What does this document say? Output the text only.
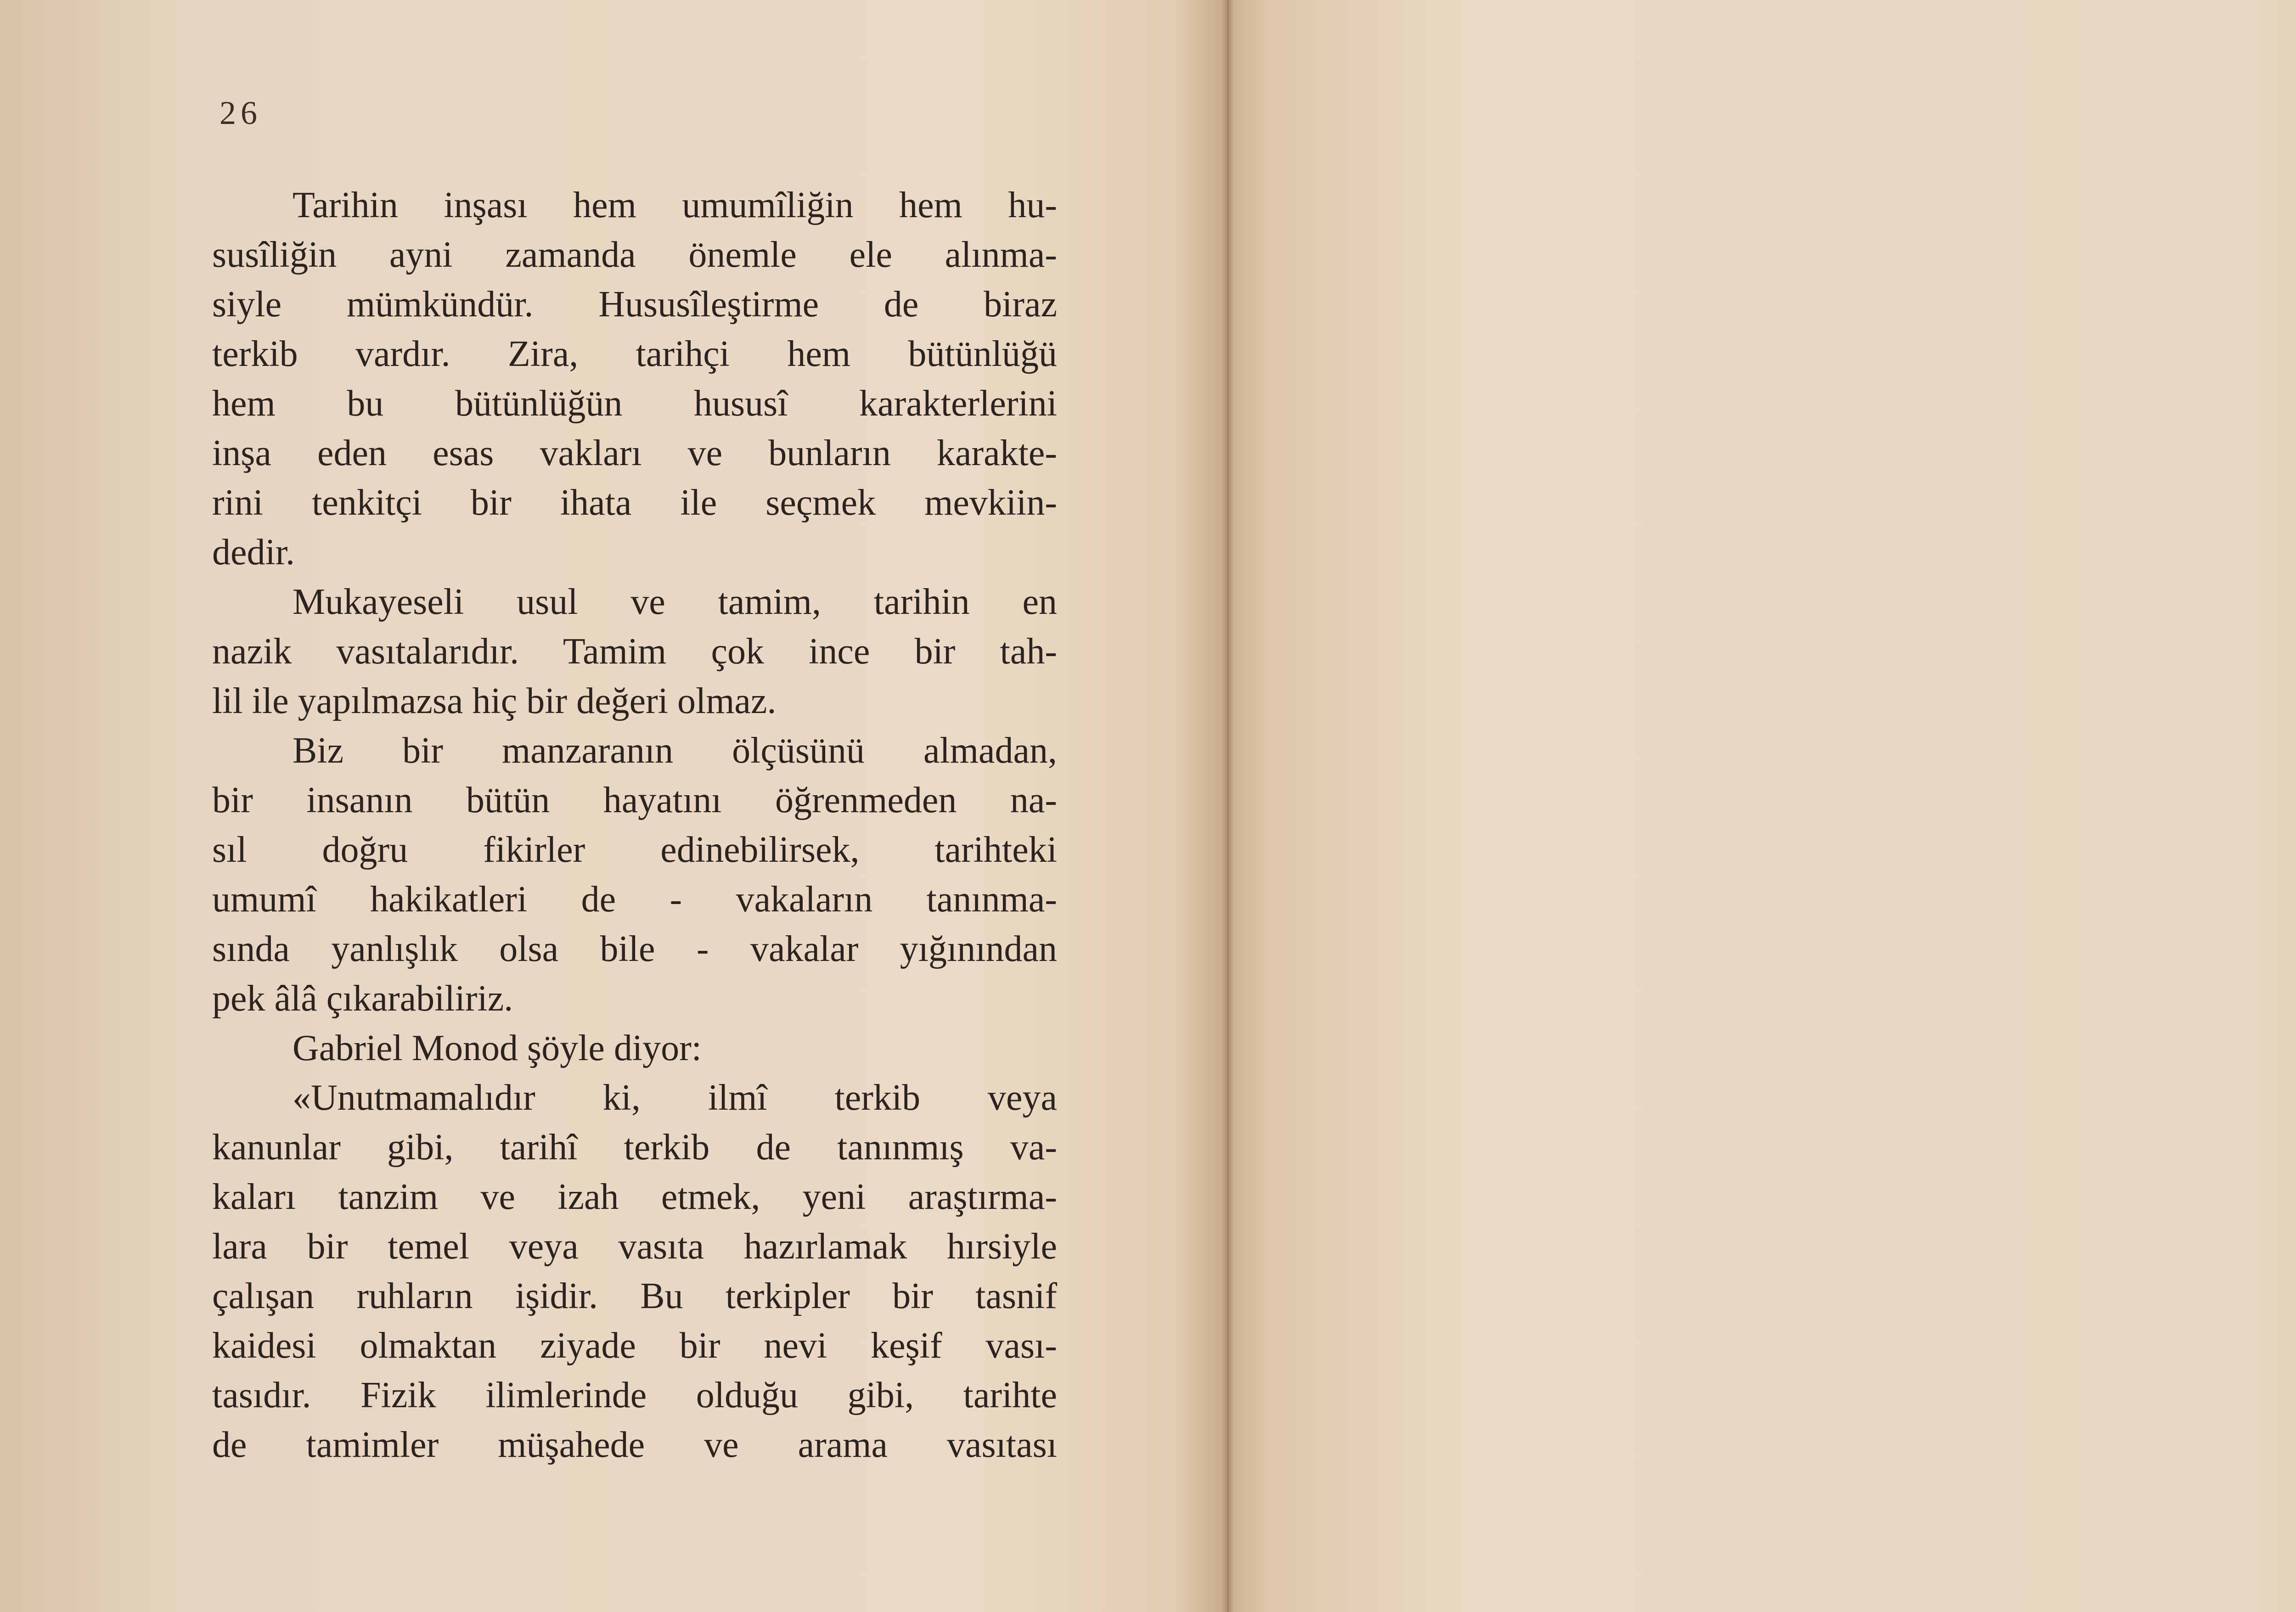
26
Tarihin inşası hem umumîliğin hem hu-
susîliğin ayni zamanda önemle ele alınma-
siyle mümkündür. Hususîleştirme de biraz
terkib vardır. Zira, tarihçi hem bütünlüğü
hem bu bütünlüğün hususî karakterlerini
inşa eden esas vakları ve bunların karakte-
rini tenkitçi bir ihata ile seçmek mevkiin-
dedir.
Mukayeseli usul ve tamim, tarihin en
nazik vasıtalarıdır. Tamim çok ince bir tah-
lil ile yapılmazsa hiç bir değeri olmaz.
Biz bir manzaranın ölçüsünü almadan,
bir insanın bütün hayatını öğrenmeden na-
sıl doğru fikirler edinebilirsek, tarihteki
umumî hakikatleri de - vakaların tanınma-
sında yanlışlık olsa bile - vakalar yığınından
pek âlâ çıkarabiliriz.
Gabriel Monod şöyle diyor:
«Unutmamalıdır ki, ilmî terkib veya
kanunlar gibi, tarihî terkib de tanınmış va-
kaları tanzim ve izah etmek, yeni araştırma-
lara bir temel veya vasıta hazırlamak hırsiyle
çalışan ruhların işidir. Bu terkipler bir tasnif
kaidesi olmaktan ziyade bir nevi keşif vası-
tasıdır. Fizik ilimlerinde olduğu gibi, tarihte
de tamimler müşahede ve arama vasıtası
